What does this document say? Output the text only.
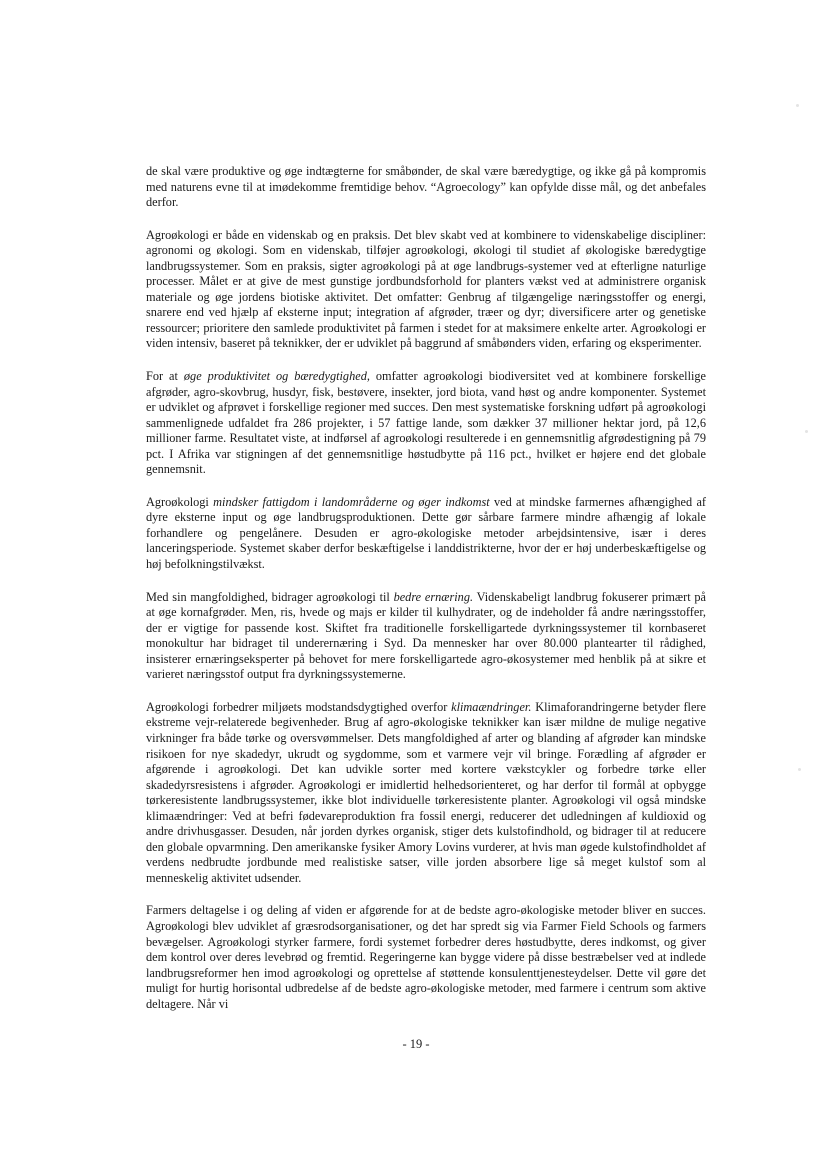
de skal være produktive og øge indtægterne for småbønder, de skal være bæredygtige, og ikke gå på kompromis med naturens evne til at imødekomme fremtidige behov. “Agroecology” kan opfylde disse mål, og det anbefales derfor.

Agroøkologi er både en videnskab og en praksis. Det blev skabt ved at kombinere to videnskabelige discipliner: agronomi og økologi. Som en videnskab, tilføjer agroøkologi, økologi til studiet af økologiske bæredygtige landbrugssystemer. Som en praksis, sigter agroøkologi på at øge landbrugs-systemer ved at efterligne naturlige processer. Målet er at give de mest gunstige jordbundsforhold for planters vækst ved at administrere organisk materiale og øge jordens biotiske aktivitet. Det omfatter: Genbrug af tilgængelige næringsstoffer og energi, snarere end ved hjælp af eksterne input; integration af afgrøder, træer og dyr; diversificere arter og genetiske ressourcer; prioritere den samlede produktivitet på farmen i stedet for at maksimere enkelte arter. Agroøkologi er viden intensiv, baseret på teknikker, der er udviklet på baggrund af småbønders viden, erfaring og eksperimenter.

For at øge produktivitet og bæredygtighed, omfatter agroøkologi biodiversitet ved at kombinere forskellige afgrøder, agro-skovbrug, husdyr, fisk, bestøvere, insekter, jord biota, vand høst og andre komponenter. Systemet er udviklet og afprøvet i forskellige regioner med succes. Den mest systematiske forskning udført på agroøkologi sammenlignede udfaldet fra 286 projekter, i 57 fattige lande, som dækker 37 millioner hektar jord, på 12,6 millioner farme. Resultatet viste, at indførsel af agroøkologi resulterede i en gennemsnitlig afgrødestigning på 79 pct. I Afrika var stigningen af det gennemsnitlige høstudbytte på 116 pct., hvilket er højere end det globale gennemsnit.

Agroøkologi mindsker fattigdom i landområderne og øger indkomst ved at mindske farmernes afhængighed af dyre eksterne input og øge landbrugsproduktionen. Dette gør sårbare farmere mindre afhængig af lokale forhandlere og pengelånere. Desuden er agro-økologiske metoder arbejdsintensive, især i deres lanceringsperiode. Systemet skaber derfor beskæftigelse i landdistrikterne, hvor der er høj underbeskæftigelse og høj befolkningstilvækst.

Med sin mangfoldighed, bidrager agroøkologi til bedre ernæring. Videnskabeligt landbrug fokuserer primært på at øge kornafgrøder. Men, ris, hvede og majs er kilder til kulhydrater, og de indeholder få andre næringsstoffer, der er vigtige for passende kost. Skiftet fra traditionelle forskelligartede dyrkningssystemer til kornbaseret monokultur har bidraget til underernæring i Syd. Da mennesker har over 80.000 plantearter til rådighed, insisterer ernæringseksperter på behovet for mere forskelligartede agro-økosystemer med henblik på at sikre et varieret næringsstof output fra dyrkningssystemerne.

Agroøkologi forbedrer miljøets modstandsdygtighed overfor klimaændringer. Klimaforandringerne betyder flere ekstreme vejr-relaterede begivenheder. Brug af agro-økologiske teknikker kan især mildne de mulige negative virkninger fra både tørke og oversvømmelser. Dets mangfoldighed af arter og blanding af afgrøder kan mindske risikoen for nye skadedyr, ukrudt og sygdomme, som et varmere vejr vil bringe. Forædling af afgrøder er afgørende i agroøkologi. Det kan udvikle sorter med kortere vækstcykler og forbedre tørke eller skadedyrsresistens i afgrøder. Agroøkologi er imidlertid helhedsorienteret, og har derfor til formål at opbygge tørkeresistente landbrugssystemer, ikke blot individuelle tørkeresistente planter. Agroøkologi vil også mindske klimaændringer: Ved at befri fødevareproduktion fra fossil energi, reducerer det udledningen af kuldioxid og andre drivhusgasser. Desuden, når jorden dyrkes organisk, stiger dets kulstofindhold, og bidrager til at reducere den globale opvarmning. Den amerikanske fysiker Amory Lovins vurderer, at hvis man øgede kulstofindholdet af verdens nedbrudte jordbunde med realistiske satser, ville jorden absorbere lige så meget kulstof som al menneskelig aktivitet udsender.

Farmers deltagelse i og deling af viden er afgørende for at de bedste agro-økologiske metoder bliver en succes. Agroøkologi blev udviklet af græsrodsorganisationer, og det har spredt sig via Farmer Field Schools og farmers bevægelser. Agroøkologi styrker farmere, fordi systemet forbedrer deres høstudbytte, deres indkomst, og giver dem kontrol over deres levebrød og fremtid. Regeringerne kan bygge videre på disse bestræbelser ved at indlede landbrugsreformer hen imod agroøkologi og oprettelse af støttende konsulenttjenesteydelser. Dette vil gøre det muligt for hurtig horisontal udbredelse af de bedste agro-økologiske metoder, med farmere i centrum som aktive deltagere. Når vi

- 19 -
